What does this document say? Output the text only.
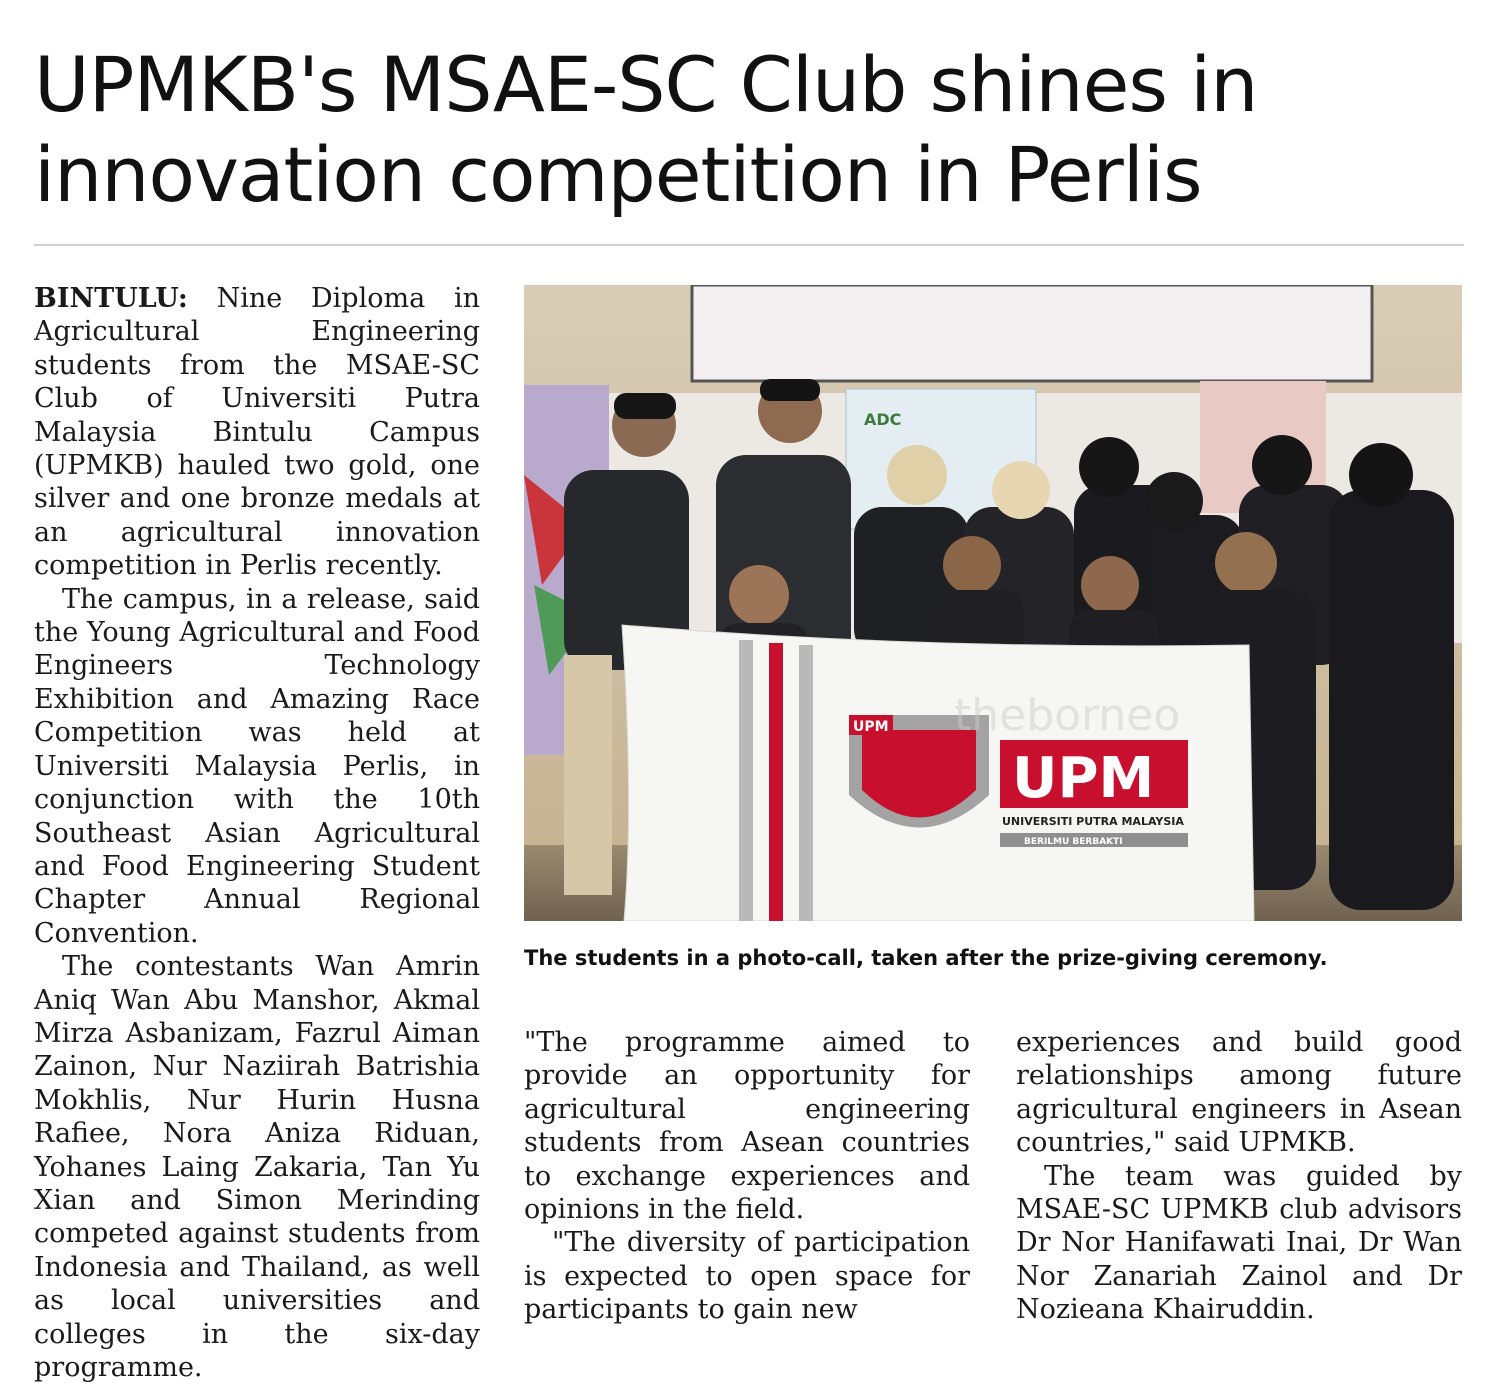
UPMKB's MSAE-SC Club shines in
innovation competition in Perlis

BINTULU: Nine Diploma in Agricultural Engineering students from the MSAE-SC Club of Universiti Putra Malaysia Bintulu Campus (UPMKB) hauled two gold, one silver and one bronze medals at an agricultural innovation competition in Perlis recently.

The campus, in a release, said the Young Agricultural and Food Engineers Technology Exhibition and Amazing Race Competition was held at Universiti Malaysia Perlis, in conjunction with the 10th Southeast Asian Agricultural and Food Engineering Student Chapter Annual Regional Convention.

The contestants Wan Amrin Aniq Wan Abu Manshor, Akmal Mirza Asbanizam, Fazrul Aiman Zainon, Nur Naziirah Batrishia Mokhlis, Nur Hurin Husna Rafiee, Nora Aniza Riduan, Yohanes Laing Zakaria, Tan Yu Xian and Simon Merinding competed against students from Indonesia and Thailand, as well as local universities and colleges in the six-day programme.

ADC
UPM
UPM
UNIVERSITI PUTRA MALAYSIA
BERILMU BERBAKTI
theborneo

The students in a photo-call, taken after the prize-giving ceremony.

"The programme aimed to provide an opportunity for agricultural engineering students from Asean countries to exchange experiences and opinions in the field.

"The diversity of participation is expected to open space for participants to gain new

experiences and build good relationships among future agricultural engineers in Asean countries," said UPMKB.

The team was guided by MSAE-SC UPMKB club advisors Dr Nor Hanifawati Inai, Dr Wan Nor Zanariah Zainol and Dr Nozieana Khairuddin.
